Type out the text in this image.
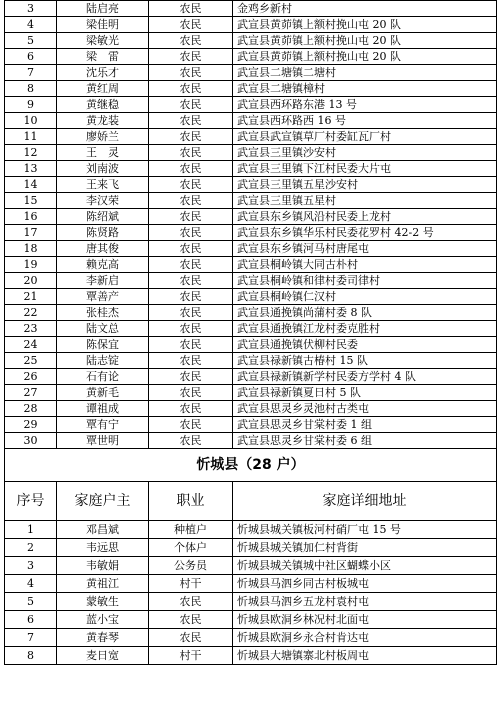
3	陆启亮	农民	金鸡乡新村
4	梁佳明	农民	武宣县黄茆镇上额村挽山屯 20 队
5	梁敏光	农民	武宣县黄茆镇上额村挽山屯 20 队
6	梁　雷	农民	武宣县黄茆镇上额村挽山屯 20 队
7	沈乐才	农民	武宣县二塘镇二塘村
8	黄红周	农民	武宣县二塘镇樟村
9	黄继稳	农民	武宣县西环路东港 13 号
10	黄龙装	农民	武宣县西环路西 16 号
11	廖娇兰	农民	武宣县武宣镇草厂村委缸瓦厂村
12	王　灵	农民	武宣县三里镇沙安村
13	刘南波	农民	武宣县三里镇下江村民委大片屯
14	王来飞	农民	武宣县三里镇五星沙安村
15	李汉荣	农民	武宣县三里镇五星村
16	陈绍斌	农民	武宣县东乡镇风沿村民委上龙村
17	陈贤路	农民	武宣县东乡镇华乐村民委花罗村 42-2 号
18	唐其俊	农民	武宣县东乡镇河马村唐尾屯
19	赖克高	农民	武宣县桐岭镇大同古朴村
20	李新启	农民	武宣县桐岭镇和律村委司律村
21	覃善产	农民	武宣县桐岭镇仁汉村
22	张桂杰	农民	武宣县通挽镇尚蒲村委 8 队
23	陆文总	农民	武宣县通挽镇江龙村委克胜村
24	陈保宜	农民	武宣县通挽镇伏柳村民委
25	陆志锭	农民	武宣县禄新镇古椿村 15 队
26	石有论	农民	武宣县禄新镇新学村民委方学村 4 队
27	黄新毛	农民	武宣县禄新镇夏日村 5 队
28	谭祖成	农民	武宣县思灵乡灵池村古类屯
29	覃有宁	农民	武宣县思灵乡甘棠村委 1 组
30	覃世明	农民	武宣县思灵乡甘棠村委 6 组
忻城县（28 户）			
序号	家庭户主	职业	家庭详细地址
1	邓昌斌	种植户	忻城县城关镇板河村硝厂屯 15 号
2	韦远思	个体户	忻城县城关镇加仁村背街
3	韦敏娟	公务员	忻城县城关镇城中社区蝴蝶小区
4	黄祖江	村干	忻城县马泗乡同古村板城屯
5	蒙敏生	农民	忻城县马泗乡五龙村袁村屯
6	蓝小宝	农民	忻城县欧洞乡林况村北面屯
7	黄春琴	农民	忻城县欧洞乡永合村肯达屯
8	麦日宽	村干	忻城县大塘镇寨北村板周屯
